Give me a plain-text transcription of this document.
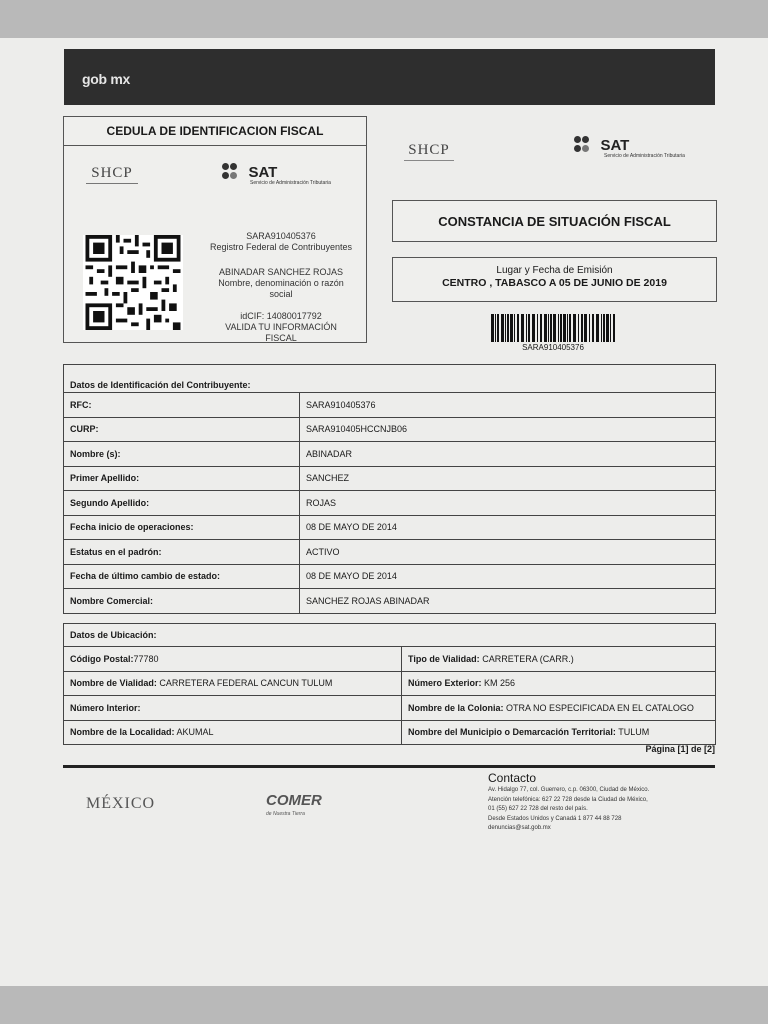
gob mx
CEDULA DE IDENTIFICACION FISCAL
SHCP	SAT
Servicio de Administración Tributaria
SARA910405376
Registro Federal de Contribuyentes
ABINADAR SANCHEZ ROJAS
Nombre, denominación o razón
social
idCIF: 14080017792
VALIDA TU INFORMACIÓN
FISCAL
SHCP	SAT
Servicio de Administración Tributaria
CONSTANCIA DE SITUACIÓN FISCAL
Lugar y Fecha de Emisión
CENTRO , TABASCO A 05 DE JUNIO DE 2019
SARA910405376
Datos de Identificación del Contribuyente:	
RFC:	SARA910405376
CURP:	SARA910405HCCNJB06
Nombre (s):	ABINADAR
Primer Apellido:	SANCHEZ
Segundo Apellido:	ROJAS
Fecha inicio de operaciones:	08 DE MAYO DE 2014
Estatus en el padrón:	ACTIVO
Fecha de último cambio de estado:	08 DE MAYO DE 2014
Nombre Comercial:	SANCHEZ ROJAS ABINADAR
Datos de Ubicación:	
Código Postal:77780	Tipo de Vialidad: CARRETERA (CARR.)
Nombre de Vialidad: CARRETERA FEDERAL CANCUN TULUM	Número Exterior: KM 256
Número Interior:	Nombre de la Colonia: OTRA NO ESPECIFICADA EN EL CATALOGO
Nombre de la Localidad: AKUMAL	Nombre del Municipio o Demarcación Territorial: TULUM
Página [1] de [2]
MÉXICO	COMER
de Nuestra Tierra
Contacto
Av. Hidalgo 77, col. Guerrero, c.p. 06300, Ciudad de México.
Atención telefónica: 627 22 728 desde la Ciudad de México,
01 (55) 627 22 728 del resto del país.
Desde Estados Unidos y Canadá 1 877 44 88 728
denuncias@sat.gob.mx
